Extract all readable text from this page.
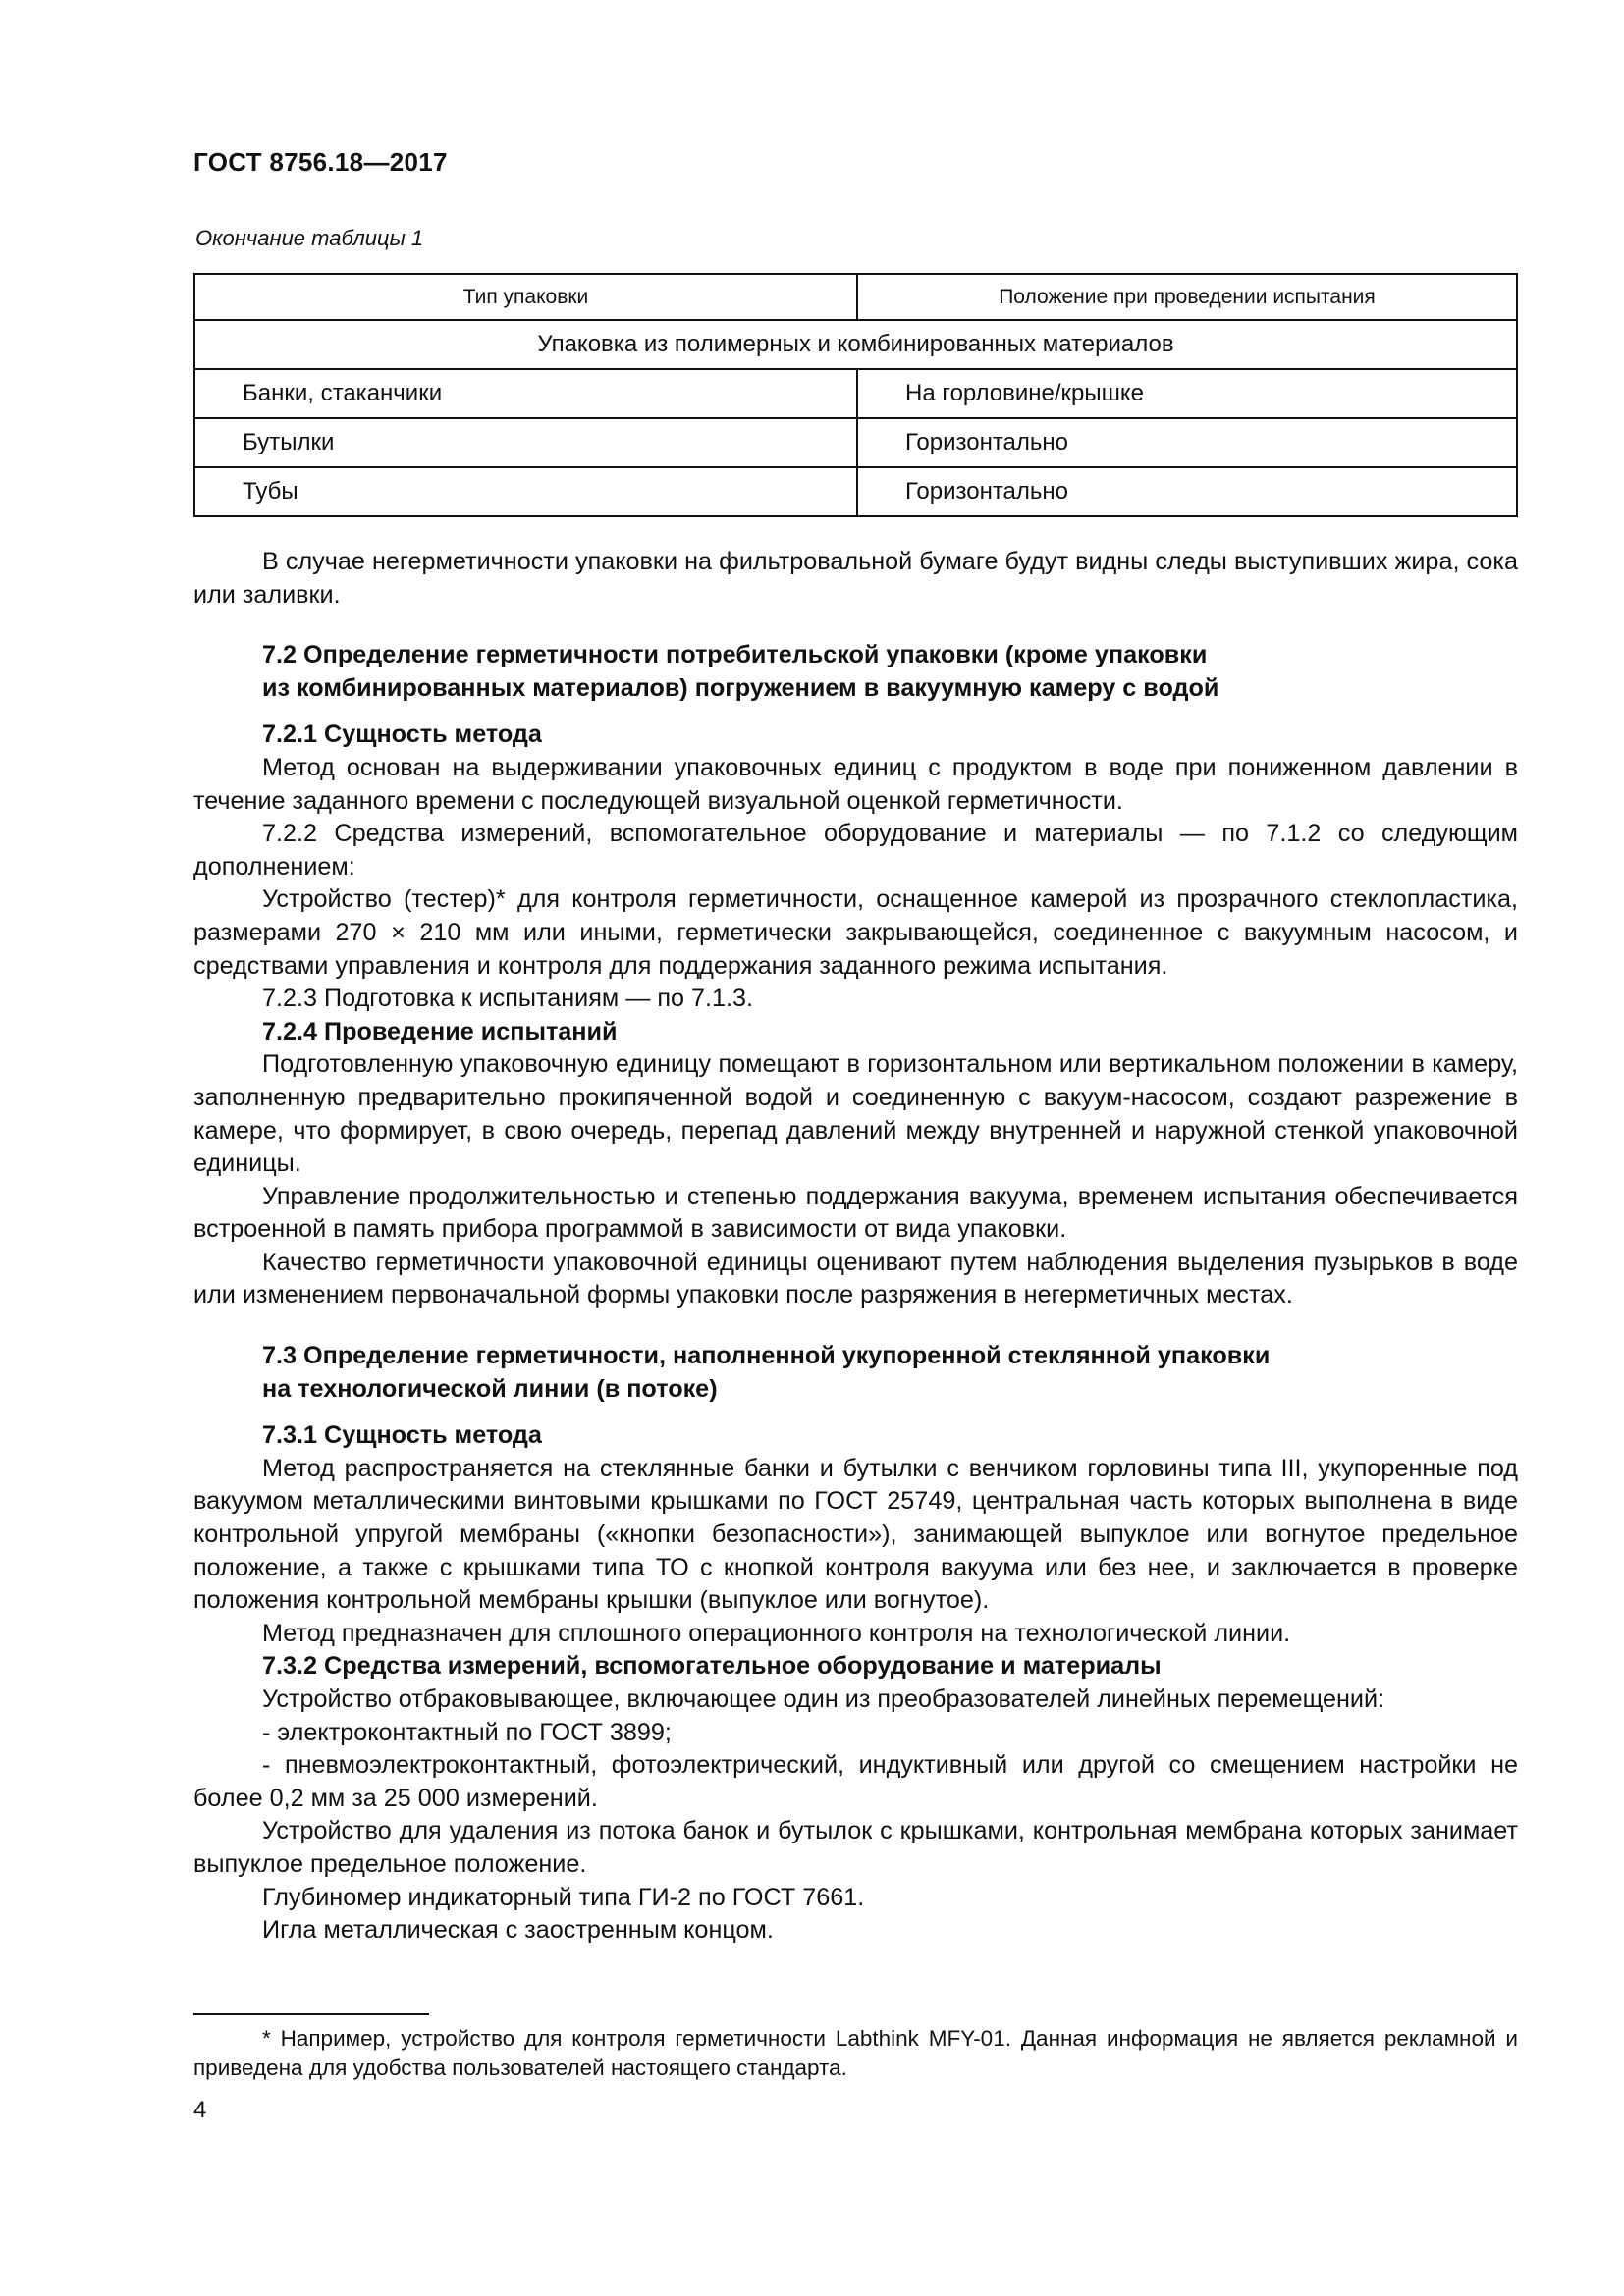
ГОСТ 8756.18—2017
Окончание таблицы 1
Тип упаковки	Положение при проведении испытания
Упаковка из полимерных и комбинированных материалов	
Банки, стаканчики	На горловине/крышке
Бутылки	Горизонтально
Тубы	Горизонтально

В случае негерметичности упаковки на фильтровальной бумаге будут видны следы выступивших жира, сока или заливки.

7.2 Определение герметичности потребительской упаковки (кроме упаковки

из комбинированных материалов) погружением в вакуумную камеру с водой

7.2.1 Сущность метода

Метод основан на выдерживании упаковочных единиц с продуктом в воде при пониженном давлении в течение заданного времени с последующей визуальной оценкой герметичности.

7.2.2 Средства измерений, вспомогательное оборудование и материалы — по 7.1.2 со следующим дополнением:

Устройство (тестер)* для контроля герметичности, оснащенное камерой из прозрачного стеклопластика, размерами 270 × 210 мм или иными, герметически закрывающейся, соединенное с вакуумным насосом, и средствами управления и контроля для поддержания заданного режима испытания.

7.2.3 Подготовка к испытаниям — по 7.1.3.

7.2.4 Проведение испытаний

Подготовленную упаковочную единицу помещают в горизонтальном или вертикальном положении в камеру, заполненную предварительно прокипяченной водой и соединенную с вакуум-насосом, создают разрежение в камере, что формирует, в свою очередь, перепад давлений между внутренней и наружной стенкой упаковочной единицы.

Управление продолжительностью и степенью поддержания вакуума, временем испытания обеспечивается встроенной в память прибора программой в зависимости от вида упаковки.

Качество герметичности упаковочной единицы оценивают путем наблюдения выделения пузырьков в воде или изменением первоначальной формы упаковки после разряжения в негерметичных местах.

7.3 Определение герметичности, наполненной укупоренной стеклянной упаковки

на технологической линии (в потоке)

7.3.1 Сущность метода

Метод распространяется на стеклянные банки и бутылки с венчиком горловины типа III, укупоренные под вакуумом металлическими винтовыми крышками по ГОСТ 25749, центральная часть которых выполнена в виде контрольной упругой мембраны («кнопки безопасности»), занимающей выпуклое или вогнутое предельное положение, а также с крышками типа ТО с кнопкой контроля вакуума или без нее, и заключается в проверке положения контрольной мембраны крышки (выпуклое или вогнутое).

Метод предназначен для сплошного операционного контроля на технологической линии.

7.3.2 Средства измерений, вспомогательное оборудование и материалы

Устройство отбраковывающее, включающее один из преобразователей линейных перемещений:

- электроконтактный по ГОСТ 3899;

- пневмоэлектроконтактный, фотоэлектрический, индуктивный или другой со смещением настройки не более 0,2 мм за 25 000 измерений.

Устройство для удаления из потока банок и бутылок с крышками, контрольная мембрана которых занимает выпуклое предельное положение.

Глубиномер индикаторный типа ГИ-2 по ГОСТ 7661.

Игла металлическая с заостренным концом.

* Например, устройство для контроля герметичности Labthink MFY-01. Данная информация не является рекламной и приведена для удобства пользователей настоящего стандарта.
4
